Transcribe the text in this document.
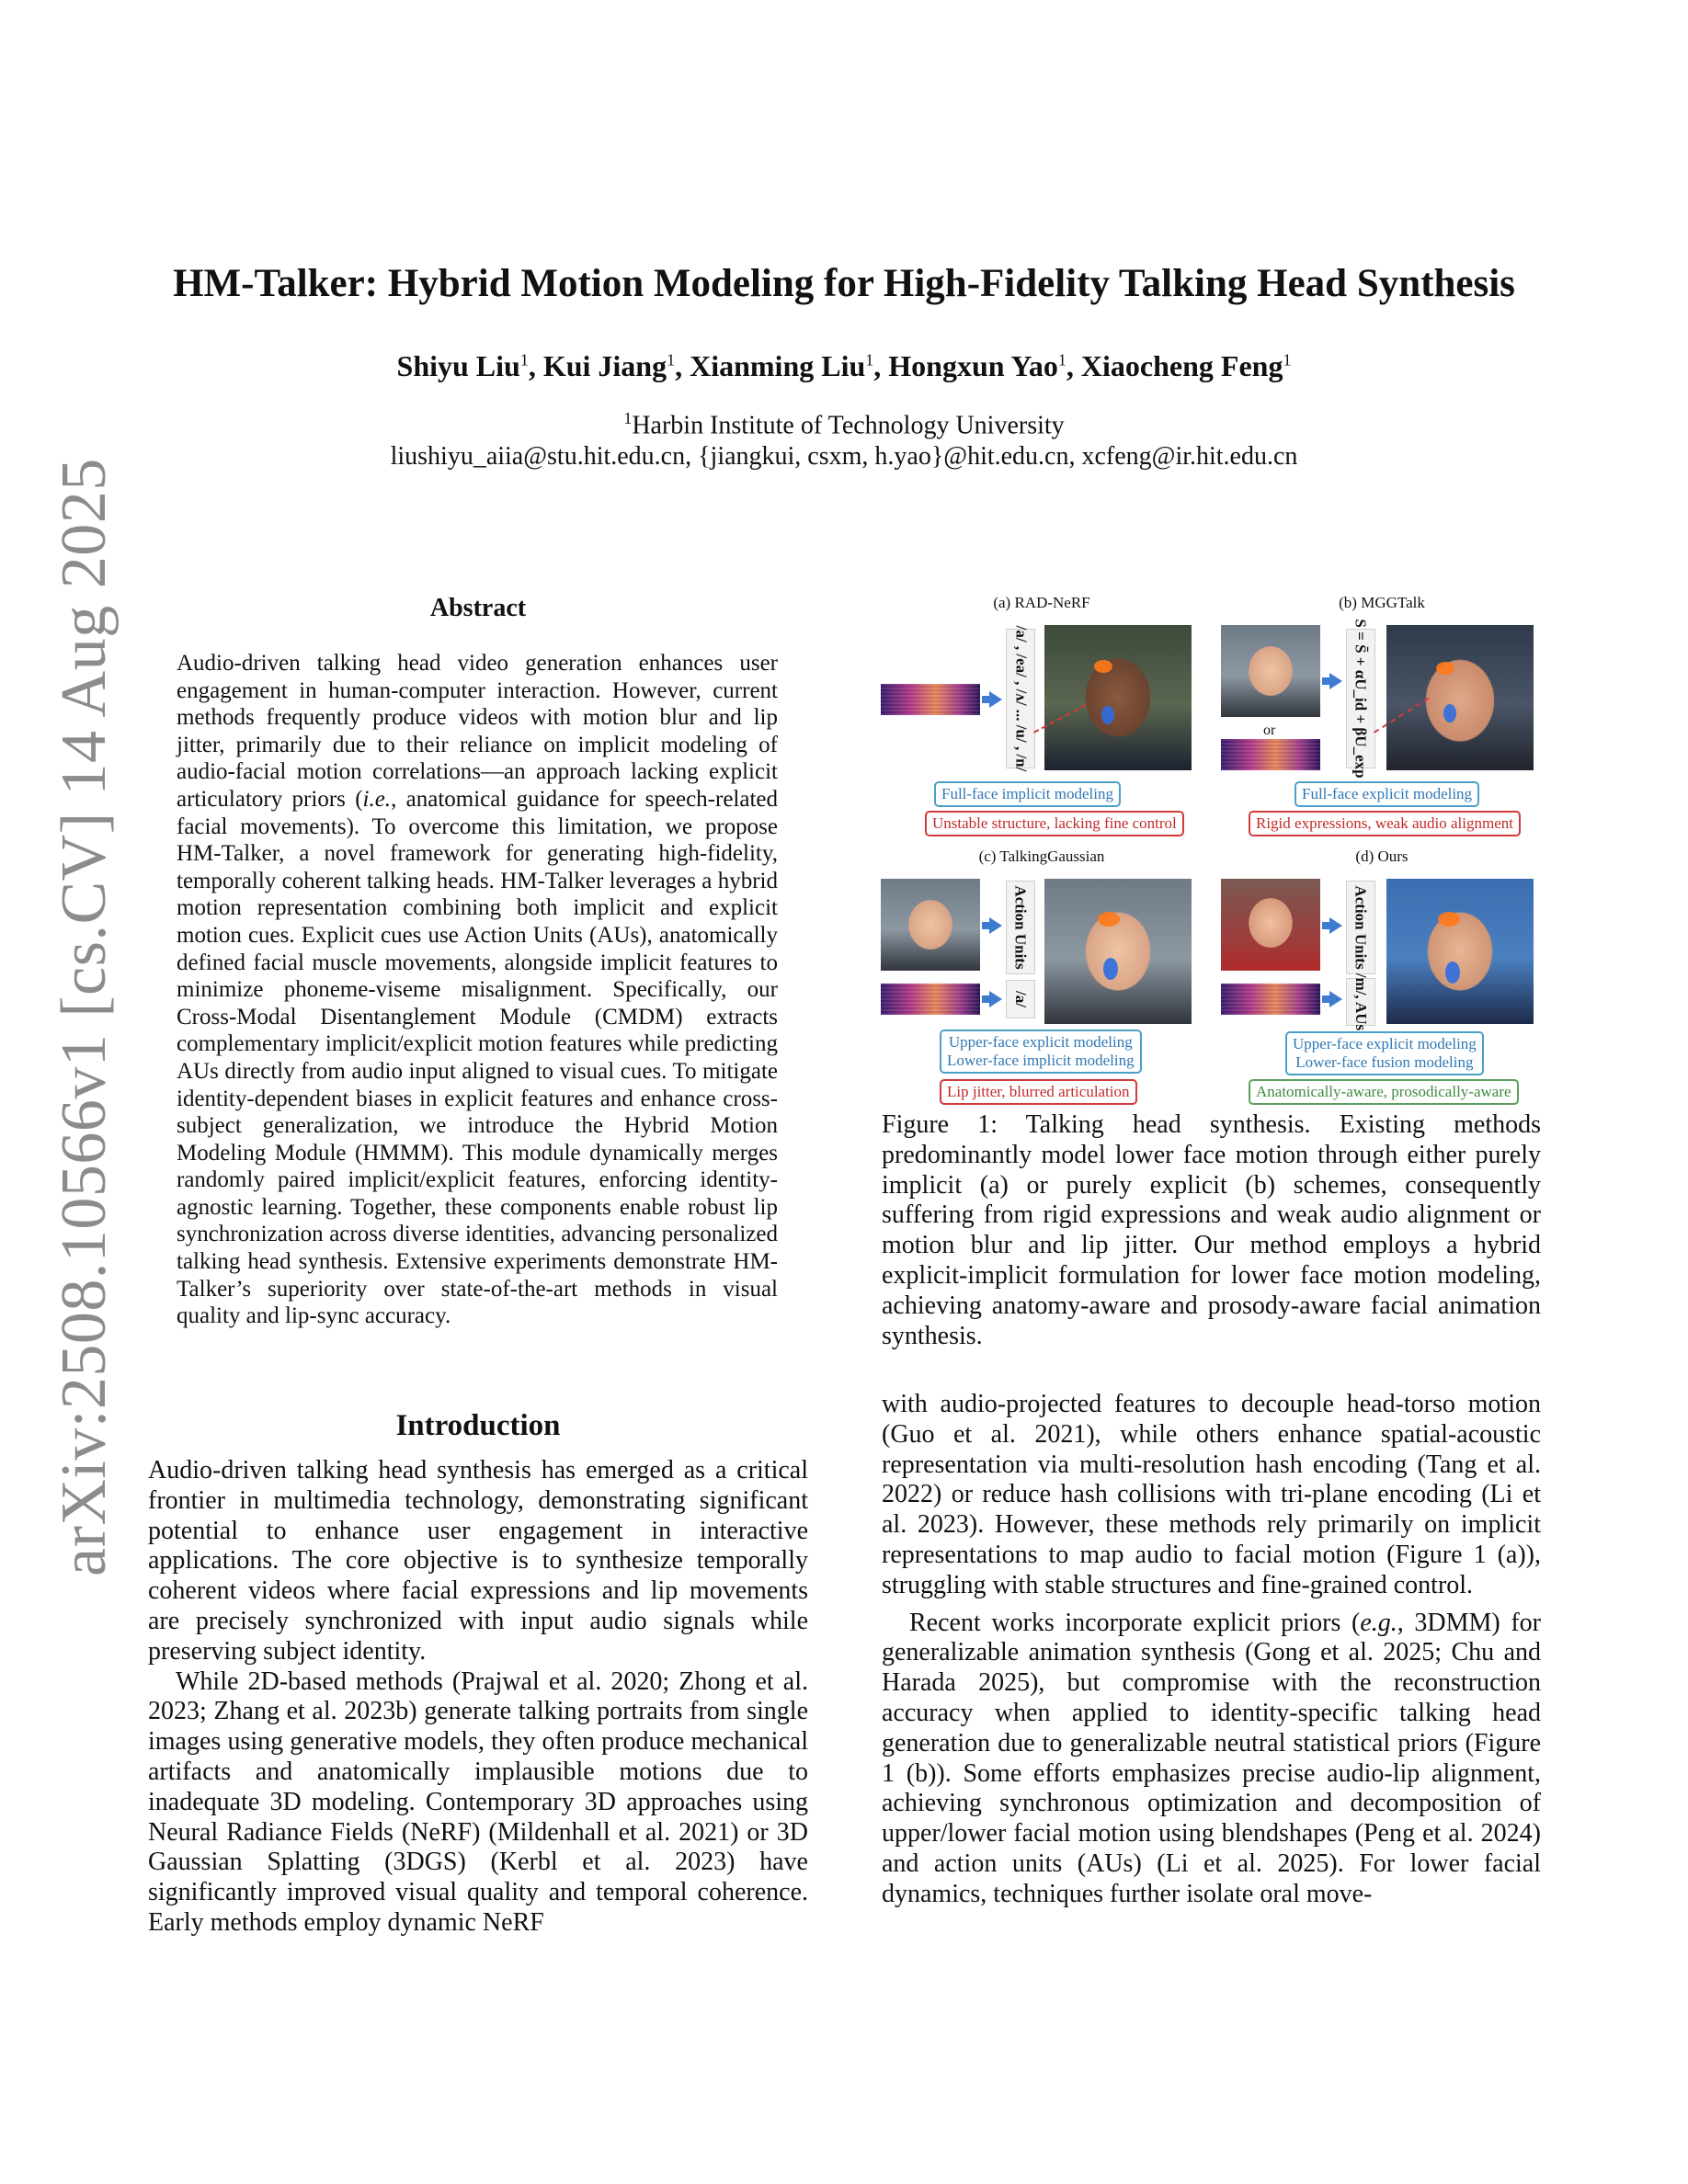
arXiv:2508.10566v1 [cs.CV] 14 Aug 2025
HM-Talker: Hybrid Motion Modeling for High-Fidelity Talking Head Synthesis
Shiyu Liu$^1$, Kui Jiang$^1$, Xianming Liu$^1$, Hongxun Yao$^1$, Xiaocheng Feng$^1$
$^1$Harbin Institute of Technology University
liushiyu_aiia@stu.hit.edu.cn, {jiangkui, csxm, h.yao}@hit.edu.cn, xcfeng@ir.hit.edu.cn
Abstract
Audio-driven talking head video generation enhances user engagement in human-computer interaction. However, current methods frequently produce videos with motion blur and lip jitter, primarily due to their reliance on implicit modeling of audio-facial motion correlations—an approach lacking explicit articulatory priors (i.e., anatomical guidance for speech-related facial movements). To overcome this limitation, we propose HM-Talker, a novel framework for generating high-fidelity, temporally coherent talking heads. HM-Talker leverages a hybrid motion representation combining both implicit and explicit motion cues. Explicit cues use Action Units (AUs), anatomically defined facial muscle movements, alongside implicit features to minimize phoneme-viseme misalignment. Specifically, our Cross-Modal Disentanglement Module (CMDM) extracts complementary implicit/explicit motion features while predicting AUs directly from audio input aligned to visual cues. To mitigate identity-dependent biases in explicit features and enhance cross-subject generalization, we introduce the Hybrid Motion Modeling Module (HMMM). This module dynamically merges randomly paired implicit/explicit features, enforcing identity-agnostic learning. Together, these components enable robust lip synchronization across diverse identities, advancing personalized talking head synthesis. Extensive experiments demonstrate HM-Talker’s superiority over state-of-the-art methods in visual quality and lip-sync accuracy.
Introduction

Audio-driven talking head synthesis has emerged as a critical frontier in multimedia technology, demonstrating significant potential to enhance user engagement in interactive applications. The core objective is to synthesize temporally coherent videos where facial expressions and lip movements are precisely synchronized with input audio signals while preserving subject identity.

While 2D-based methods (Prajwal et al. 2020; Zhong et al. 2023; Zhang et al. 2023b) generate talking portraits from single images using generative models, they often produce mechanical artifacts and anatomically implausible motions due to inadequate 3D modeling. Contemporary 3D approaches using Neural Radiance Fields (NeRF) (Mildenhall et al. 2021) or 3D Gaussian Splatting (3DGS) (Kerbl et al. 2023) have significantly improved visual quality and temporal coherence. Early methods employ dynamic NeRF

with audio-projected features to decouple head-torso motion (Guo et al. 2021), while others enhance spatial-acoustic representation via multi-resolution hash encoding (Tang et al. 2022) or reduce hash collisions with tri-plane encoding (Li et al. 2023). However, these methods rely primarily on implicit representations to map audio to facial motion (Figure 1 (a)), struggling with stable structures and fine-grained control.

Recent works incorporate explicit priors (e.g., 3DMM) for generalizable animation synthesis (Gong et al. 2025; Chu and Harada 2025), but compromise with the reconstruction accuracy when applied to identity-specific talking head generation due to generalizable neutral statistical priors (Figure 1 (b)). Some efforts emphasizes precise audio-lip alignment, achieving synchronous optimization and decomposition of upper/lower facial motion using blendshapes (Peng et al. 2024) and action units (AUs) (Li et al. 2025). For lower facial dynamics, techniques further isolate oral move-

(a) RAD-NeRF
/a/ , /ea/ , /ʌ/ ... /u/ , /n/
Full-face implicit modeling
Unstable structure, lacking fine control
(b) MGGTalk
or	S = S̄ + αU_id + βU_exp
Full-face explicit modeling
Rigid expressions, weak audio alignment
(c) TalkingGaussian
Action Units
/a/
Upper-face explicit modeling
Lower-face implicit modeling
Lip jitter, blurred articulation
(d) Ours
Action Units
/m/, AUs
Upper-face explicit modeling
Lower-face fusion modeling
Anatomically-aware, prosodically-aware

Figure 1: Talking head synthesis. Existing methods predominantly model lower face motion through either purely implicit (a) or purely explicit (b) schemes, consequently suffering from rigid expressions and weak audio alignment or motion blur and lip jitter. Our method employs a hybrid explicit-implicit formulation for lower face motion modeling, achieving anatomy-aware and prosody-aware facial animation synthesis.
